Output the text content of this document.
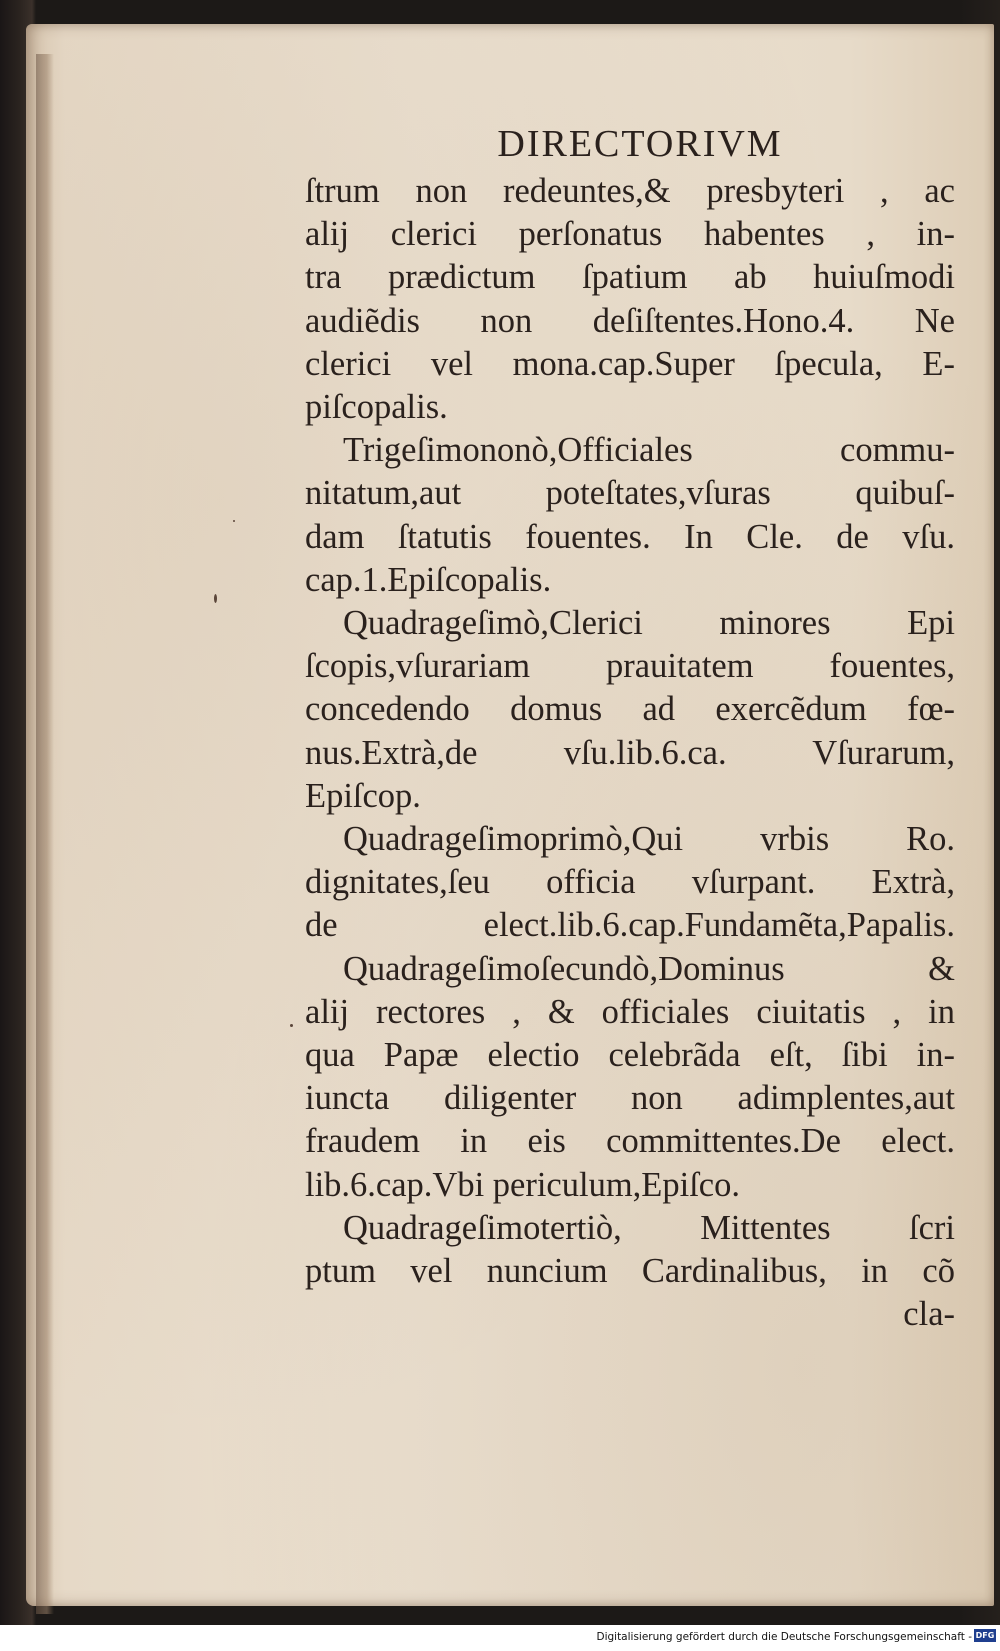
DIRECTORIVM
ſtrum non redeuntes,& presbyteri , ac
alij clerici perſonatus habentes , in-
tra prædictum ſpatium ab huiuſmodi
audiẽdis non deſiſtentes.Hono.4. Ne
clerici vel mona.cap.Super ſpecula, E-
piſcopalis.
Trigeſimononò,Officiales commu-
nitatum,aut poteſtates,vſuras quibuſ-
dam ſtatutis fouentes. In Cle. de vſu.
cap.1.Epiſcopalis.
Quadrageſimò,Clerici minores Epi
ſcopis,vſurariam prauitatem fouentes,
concedendo domus ad exercẽdum fœ-
nus.Extrà,de vſu.lib.6.ca. Vſurarum,
Epiſcop.
Quadrageſimoprimò,Qui vrbis Ro.
dignitates,ſeu officia vſurpant. Extrà,
de elect.lib.6.cap.Fundamẽta,Papalis.
Quadrageſimoſecundò,Dominus &
alij rectores , & officiales ciuitatis , in
qua Papæ electio celebrãda eſt, ſibi in-
iuncta diligenter non adimplentes,aut
fraudem in eis committentes.De elect.
lib.6.cap.Vbi periculum,Epiſco.
Quadrageſimotertiò, Mittentes ſcri
ptum vel nuncium Cardinalibus, in cõ
cla-
Digitalisierung gefördert durch die Deutsche Forschungsgemeinschaft - DFG
